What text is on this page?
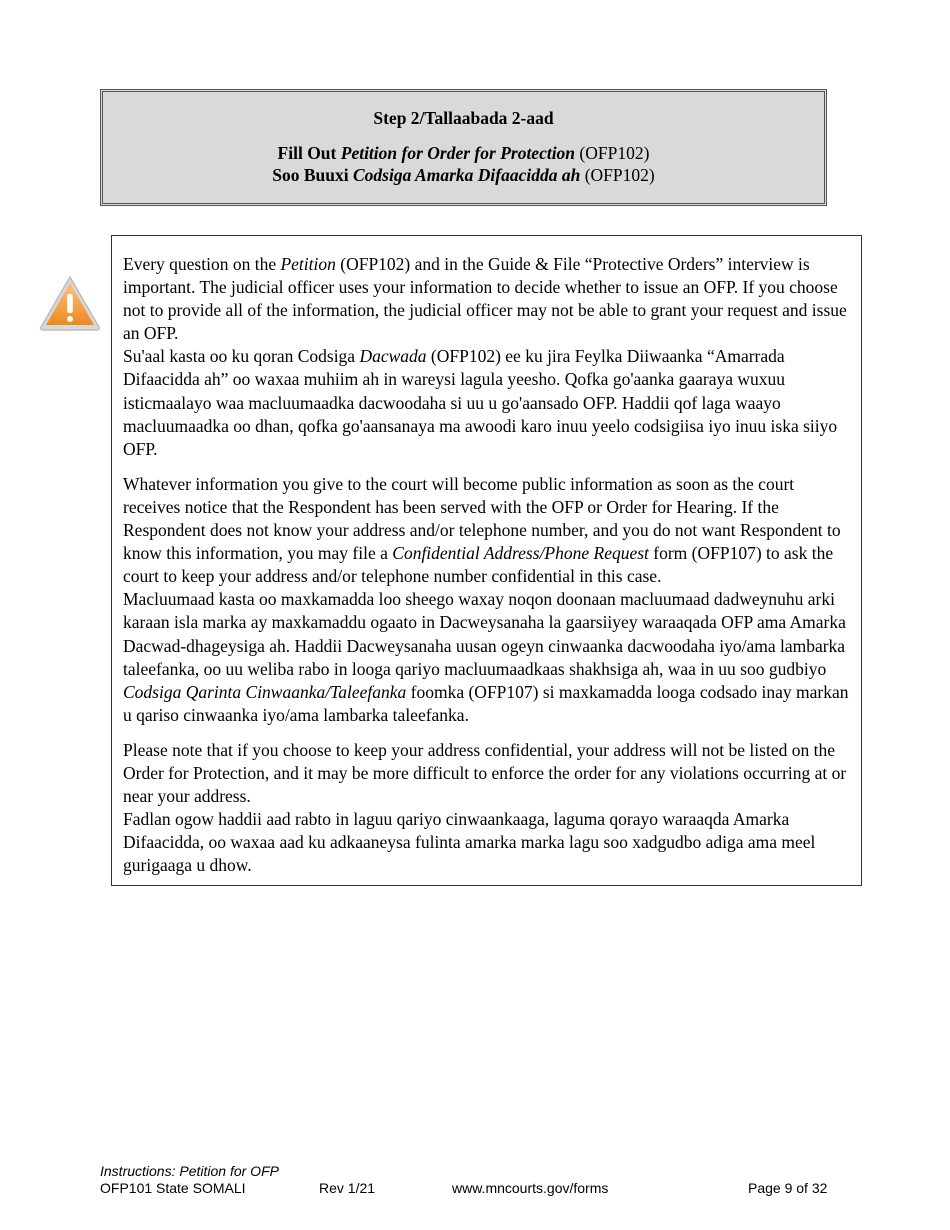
Step 2/Tallaabada 2-aad
Fill Out Petition for Order for Protection (OFP102)
Soo Buuxi Codsiga Amarka Difaacidda ah (OFP102)

Every question on the Petition (OFP102) and in the Guide & File “Protective Orders” interview is important. The judicial officer uses your information to decide whether to issue an OFP. If you choose not to provide all of the information, the judicial officer may not be able to grant your request and issue an OFP.

Su'aal kasta oo ku qoran Codsiga Dacwada (OFP102) ee ku jira Feylka Diiwaanka “Amarrada Difaacidda ah” oo waxaa muhiim ah in wareysi lagula yeesho. Qofka go'aanka gaaraya wuxuu isticmaalayo waa macluumaadka dacwoodaha si uu u go'aansado OFP. Haddii qof laga waayo macluumaadka oo dhan, qofka go'aansanaya ma awoodi karo inuu yeelo codsigiisa iyo inuu iska siiyo OFP.

Whatever information you give to the court will become public information as soon as the court receives notice that the Respondent has been served with the OFP or Order for Hearing. If the Respondent does not know your address and/or telephone number, and you do not want Respondent to know this information, you may file a Confidential Address/Phone Request form (OFP107) to ask the court to keep your address and/or telephone number confidential in this case.

Macluumaad kasta oo maxkamadda loo sheego waxay noqon doonaan macluumaad dadweynuhu arki karaan isla marka ay maxkamaddu ogaato in Dacweysanaha la gaarsiiyey waraaqada OFP ama Amarka Dacwad-dhageysiga ah. Haddii Dacweysanaha uusan ogeyn cinwaanka dacwoodaha iyo/ama lambarka taleefanka, oo uu weliba rabo in looga qariyo macluumaadkaas shakhsiga ah, waa in uu soo gudbiyo Codsiga Qarinta Cinwaanka/Taleefanka foomka (OFP107) si maxkamadda looga codsado inay markan u qariso cinwaanka iyo/ama lambarka taleefanka.

Please note that if you choose to keep your address confidential, your address will not be listed on the Order for Protection, and it may be more difficult to enforce the order for any violations occurring at or near your address.

Fadlan ogow haddii aad rabto in laguu qariyo cinwaankaaga, laguma qorayo waraaqda Amarka Difaacidda, oo waxaa aad ku adkaaneysa fulinta amarka marka lagu soo xadgudbo adiga ama meel gurigaaga u dhow.

Instructions: Petition for OFP
OFP101 State SOMALI	Rev 1/21	www.mncourts.gov/forms	Page 9 of 32
